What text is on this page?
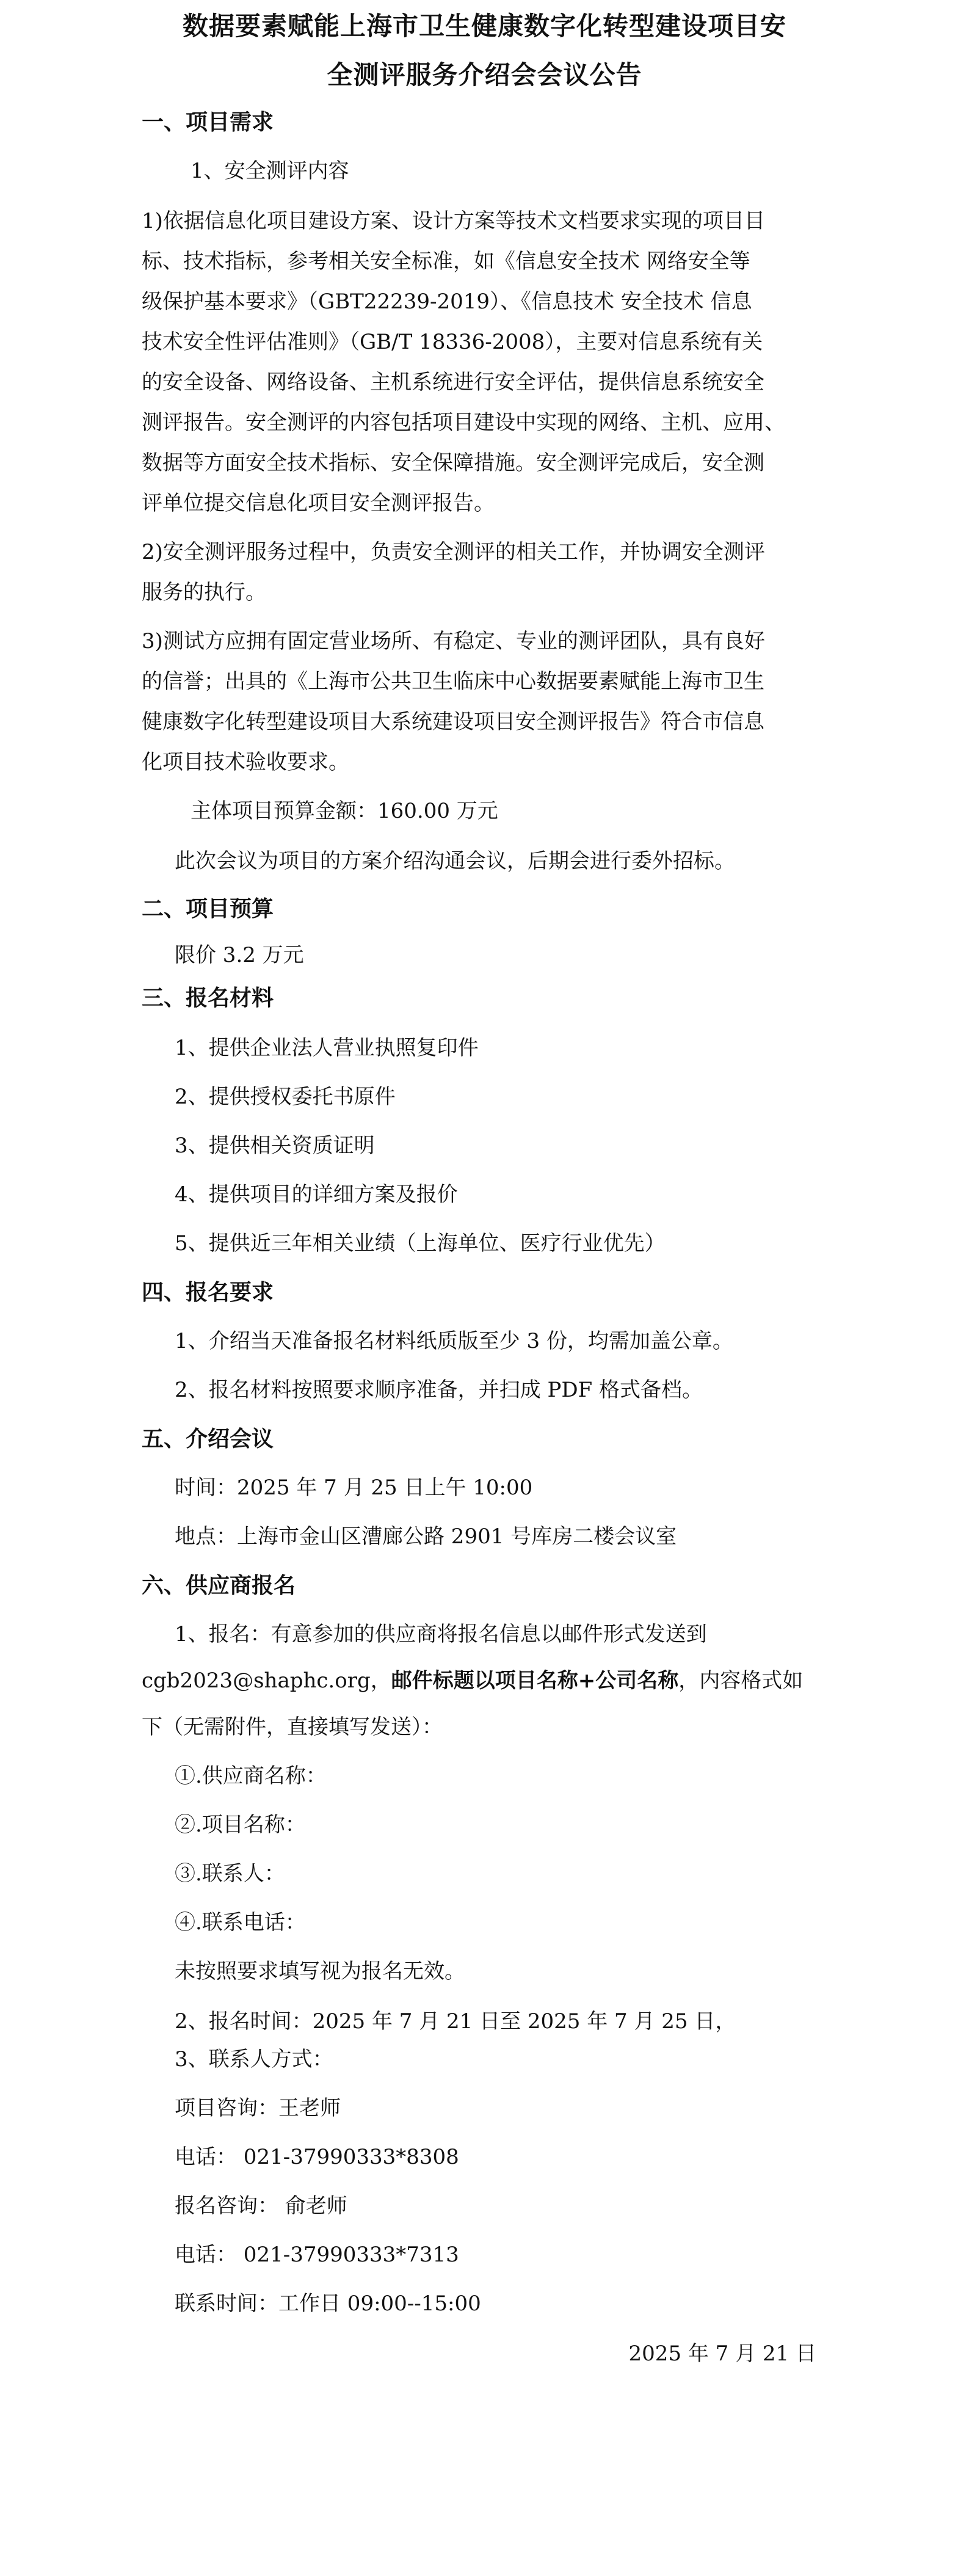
数据要素赋能上海市卫生健康数字化转型建设项目安
全测评服务介绍会会议公告
一、项目需求
1、安全测评内容
1)依据信息化项目建设方案、设计方案等技术文档要求实现的项目目
标、技术指标，参考相关安全标准，如《信息安全技术 网络安全等
级保护基本要求》（GBT22239-2019）、《信息技术 安全技术 信息
技术安全性评估准则》（GB/T 18336-2008），主要对信息系统有关
的安全设备、网络设备、主机系统进行安全评估，提供信息系统安全
测评报告。安全测评的内容包括项目建设中实现的网络、主机、应用、
数据等方面安全技术指标、安全保障措施。安全测评完成后，安全测
评单位提交信息化项目安全测评报告。
2)安全测评服务过程中，负责安全测评的相关工作，并协调安全测评
服务的执行。
3)测试方应拥有固定营业场所、有稳定、专业的测评团队，具有良好
的信誉；出具的《上海市公共卫生临床中心数据要素赋能上海市卫生
健康数字化转型建设项目大系统建设项目安全测评报告》符合市信息
化项目技术验收要求。
主体项目预算金额：160.00 万元
此次会议为项目的方案介绍沟通会议，后期会进行委外招标。
二、项目预算
限价 3.2 万元
三、报名材料
1、提供企业法人营业执照复印件
2、提供授权委托书原件
3、提供相关资质证明
4、提供项目的详细方案及报价
5、提供近三年相关业绩（上海单位、医疗行业优先）
四、报名要求
1、介绍当天准备报名材料纸质版至少 3 份，均需加盖公章。
2、报名材料按照要求顺序准备，并扫成 PDF 格式备档。
五、介绍会议
时间：2025 年 7 月 25 日上午 10:00
地点：上海市金山区漕廊公路 2901 号库房二楼会议室
六、供应商报名
1、报名：有意参加的供应商将报名信息以邮件形式发送到
cgb2023@shaphc.org，邮件标题以项目名称+公司名称，内容格式如
下（无需附件，直接填写发送）：
①.供应商名称：
②.项目名称：
③.联系人：
④.联系电话：
未按照要求填写视为报名无效。
2、报名时间：2025 年 7 月 21 日至 2025 年 7 月 25 日，
3、联系人方式：
项目咨询：王老师
电话： 021-37990333*8308
报名咨询： 俞老师
电话： 021-37990333*7313
联系时间：工作日 09:00--15:00
2025 年 7 月 21 日
